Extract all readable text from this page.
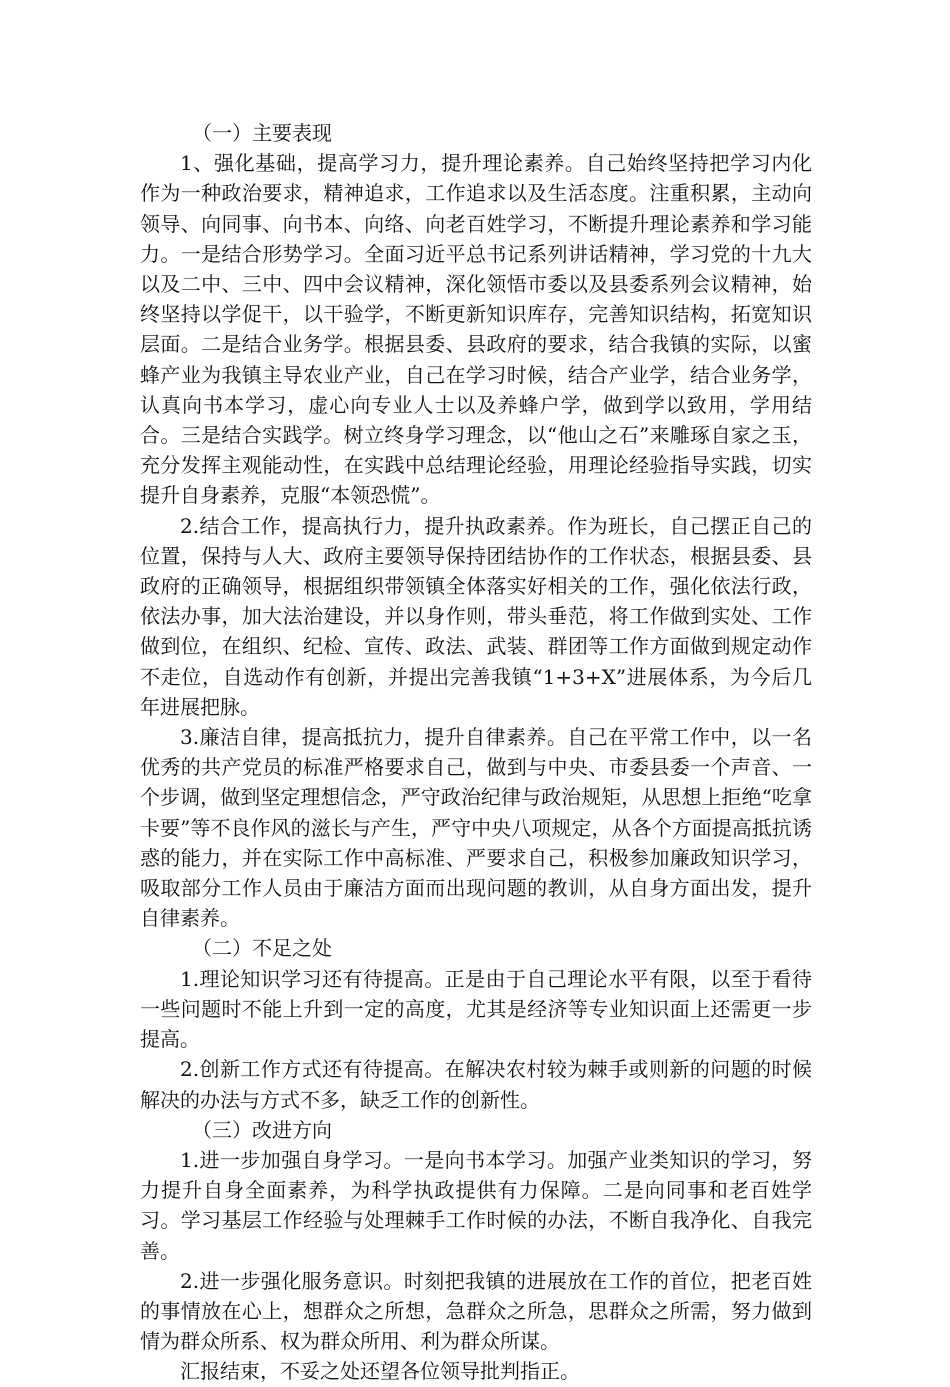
（一）主要表现

1、强化基础，提高学习力，提升理论素养。自己始终坚持把学习内化作为一种政治要求，精神追求，工作追求以及生活态度。注重积累，主动向领导、向同事、向书本、向络、向老百姓学习，不断提升理论素养和学习能力。一是结合形势学习。全面习近平总书记系列讲话精神，学习党的十九大以及二中、三中、四中会议精神，深化领悟市委以及县委系列会议精神，始终坚持以学促干，以干验学，不断更新知识库存，完善知识结构，拓宽知识层面。二是结合业务学。根据县委、县政府的要求，结合我镇的实际，以蜜蜂产业为我镇主导农业产业，自己在学习时候，结合产业学，结合业务学，认真向书本学习，虚心向专业人士以及养蜂户学，做到学以致用，学用结合。三是结合实践学。树立终身学习理念，以“他山之石”来雕琢自家之玉，充分发挥主观能动性，在实践中总结理论经验，用理论经验指导实践，切实提升自身素养，克服“本领恐慌”。

2.结合工作，提高执行力，提升执政素养。作为班长，自己摆正自己的位置，保持与人大、政府主要领导保持团结协作的工作状态，根据县委、县政府的正确领导，根据组织带领镇全体落实好相关的工作，强化依法行政，依法办事，加大法治建设，并以身作则，带头垂范，将工作做到实处、工作做到位，在组织、纪检、宣传、政法、武装、群团等工作方面做到规定动作不走位，自选动作有创新，并提出完善我镇“1+3+X”进展体系，为今后几年进展把脉。

3.廉洁自律，提高抵抗力，提升自律素养。自己在平常工作中，以一名优秀的共产党员的标准严格要求自己，做到与中央、市委县委一个声音、一个步调，做到坚定理想信念，严守政治纪律与政治规矩，从思想上拒绝“吃拿卡要”等不良作风的滋长与产生，严守中央八项规定，从各个方面提高抵抗诱惑的能力，并在实际工作中高标准、严要求自己，积极参加廉政知识学习，吸取部分工作人员由于廉洁方面而出现问题的教训，从自身方面出发，提升自律素养。

（二）不足之处

1.理论知识学习还有待提高。正是由于自己理论水平有限，以至于看待一些问题时不能上升到一定的高度，尤其是经济等专业知识面上还需更一步提高。

2.创新工作方式还有待提高。在解决农村较为棘手或则新的问题的时候解决的办法与方式不多，缺乏工作的创新性。

（三）改进方向

1.进一步加强自身学习。一是向书本学习。加强产业类知识的学习，努力提升自身全面素养，为科学执政提供有力保障。二是向同事和老百姓学习。学习基层工作经验与处理棘手工作时候的办法，不断自我净化、自我完善。

2.进一步强化服务意识。时刻把我镇的进展放在工作的首位，把老百姓的事情放在心上，想群众之所想，急群众之所急，思群众之所需，努力做到情为群众所系、权为群众所用、利为群众所谋。

汇报结束，不妥之处还望各位领导批判指正。
